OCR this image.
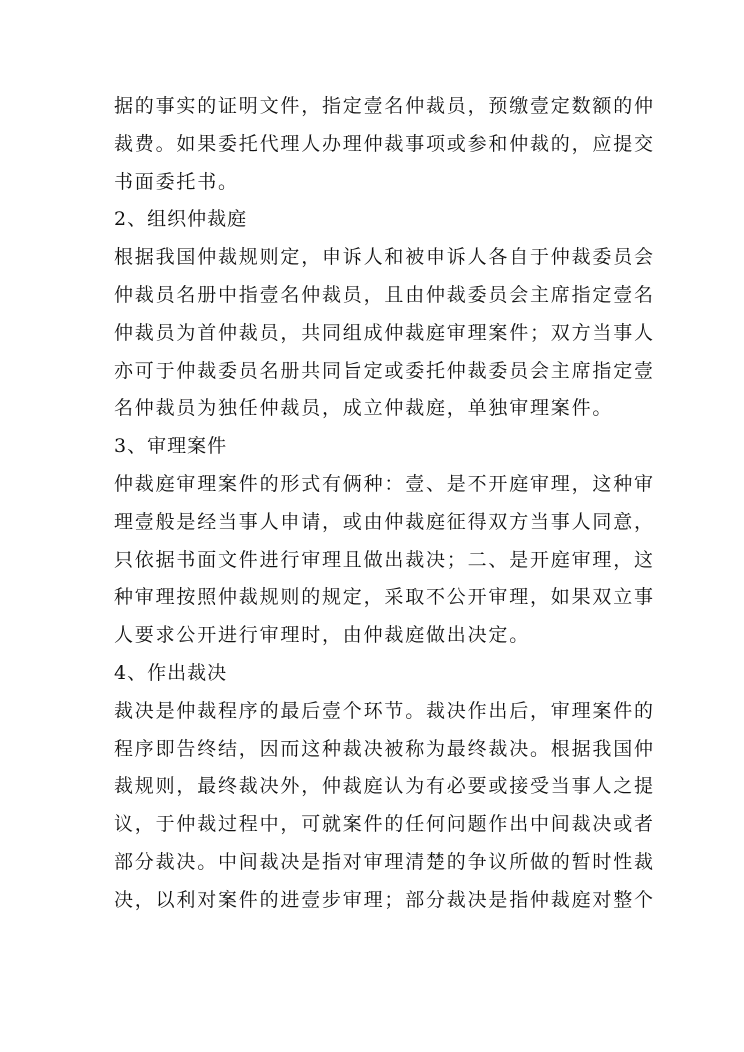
据的事实的证明文件，指定壹名仲裁员，预缴壹定数额的仲
裁费。如果委托代理人办理仲裁事项或参和仲裁的，应提交
书面委托书。
2、组织仲裁庭
根据我国仲裁规则定，申诉人和被申诉人各自于仲裁委员会
仲裁员名册中指壹名仲裁员，且由仲裁委员会主席指定壹名
仲裁员为首仲裁员，共同组成仲裁庭审理案件；双方当事人
亦可于仲裁委员名册共同旨定或委托仲裁委员会主席指定壹
名仲裁员为独任仲裁员，成立仲裁庭，单独审理案件。
3、审理案件
仲裁庭审理案件的形式有俩种：壹、是不开庭审理，这种审
理壹般是经当事人申请，或由仲裁庭征得双方当事人同意，
只依据书面文件进行审理且做出裁决；二、是开庭审理，这
种审理按照仲裁规则的规定，采取不公开审理，如果双立事
人要求公开进行审理时，由仲裁庭做出决定。
4、作出裁决
裁决是仲裁程序的最后壹个环节。裁决作出后，审理案件的
程序即告终结，因而这种裁决被称为最终裁决。根据我国仲
裁规则，最终裁决外，仲裁庭认为有必要或接受当事人之提
议，于仲裁过程中，可就案件的任何问题作出中间裁决或者
部分裁决。中间裁决是指对审理清楚的争议所做的暂时性裁
决，以利对案件的进壹步审理；部分裁决是指仲裁庭对整个
